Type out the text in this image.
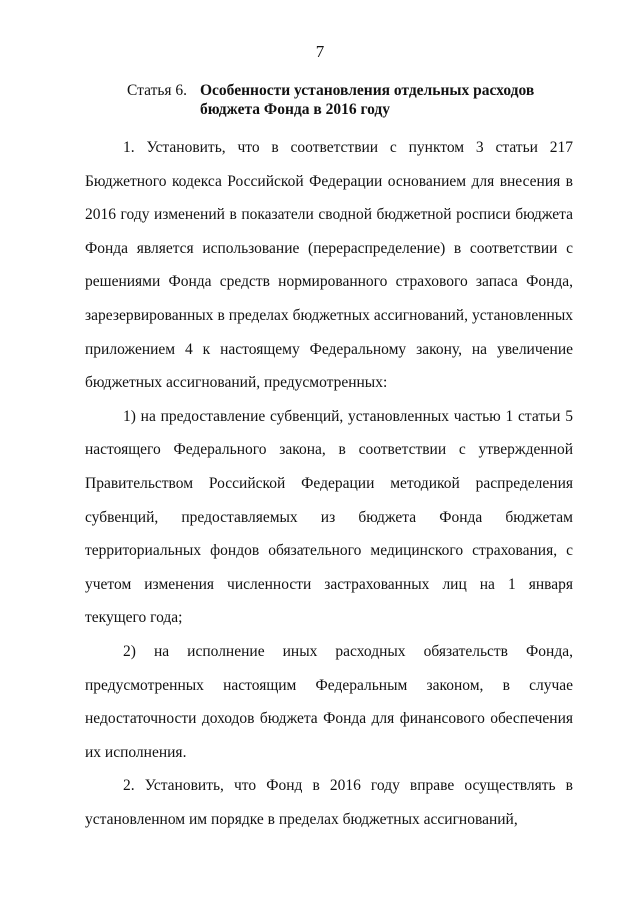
7
Статья 6. Особенности установления отдельных расходов бюджета Фонда в 2016 году

1. Установить, что в соответствии с пунктом 3 статьи 217 Бюджетного кодекса Российской Федерации основанием для внесения в 2016 году изменений в показатели сводной бюджетной росписи бюджета Фонда является использование (перераспределение) в соответствии с решениями Фонда средств нормированного страхового запаса Фонда, зарезервированных в пределах бюджетных ассигнований, установленных приложением 4 к настоящему Федеральному закону, на увеличение бюджетных ассигнований, предусмотренных:

1) на предоставление субвенций, установленных частью 1 статьи 5 настоящего Федерального закона, в соответствии с утвержденной Правительством Российской Федерации методикой распределения субвенций, предоставляемых из бюджета Фонда бюджетам территориальных фондов обязательного медицинского страхования, с учетом изменения численности застрахованных лиц на 1 января текущего года;

2) на исполнение иных расходных обязательств Фонда, предусмотренных настоящим Федеральным законом, в случае недостаточности доходов бюджета Фонда для финансового обеспечения их исполнения.

2. Установить, что Фонд в 2016 году вправе осуществлять в установленном им порядке в пределах бюджетных ассигнований,
